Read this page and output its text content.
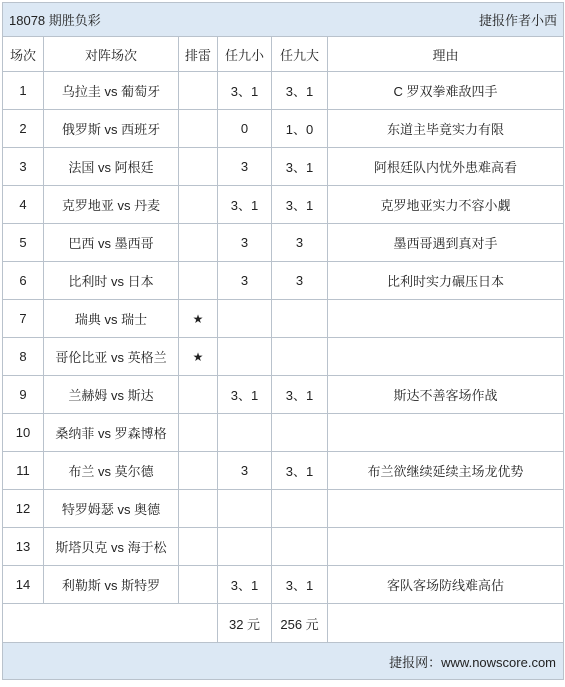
18078 期胜负彩			捷报作者小西		
场次	对阵场次	排雷	任九小	任九大	理由
1	乌拉圭 vs 葡萄牙		3、1	3、1	C 罗双拳难敌四手
2	俄罗斯 vs 西班牙		0	1、0	东道主毕竟实力有限
3	法国 vs 阿根廷		3	3、1	阿根廷队内忧外患难高看
4	克罗地亚 vs 丹麦		3、1	3、1	克罗地亚实力不容小觑
5	巴西 vs 墨西哥		3	3	墨西哥遇到真对手
6	比利时 vs 日本		3	3	比利时实力碾压日本
7	瑞典 vs 瑞士	★			
8	哥伦比亚 vs 英格兰	★			
9	兰赫姆 vs 斯达		3、1	3、1	斯达不善客场作战
10	桑纳菲 vs 罗森博格				
11	布兰 vs 莫尔德		3	3、1	布兰欲继续延续主场龙优势
12	特罗姆瑟 vs 奥德				
13	斯塔贝克 vs 海于松				
14	利勒斯 vs 斯特罗		3、1	3、1	客队客场防线难高估
			32 元	256 元	
捷报网：www.nowscore.com					
